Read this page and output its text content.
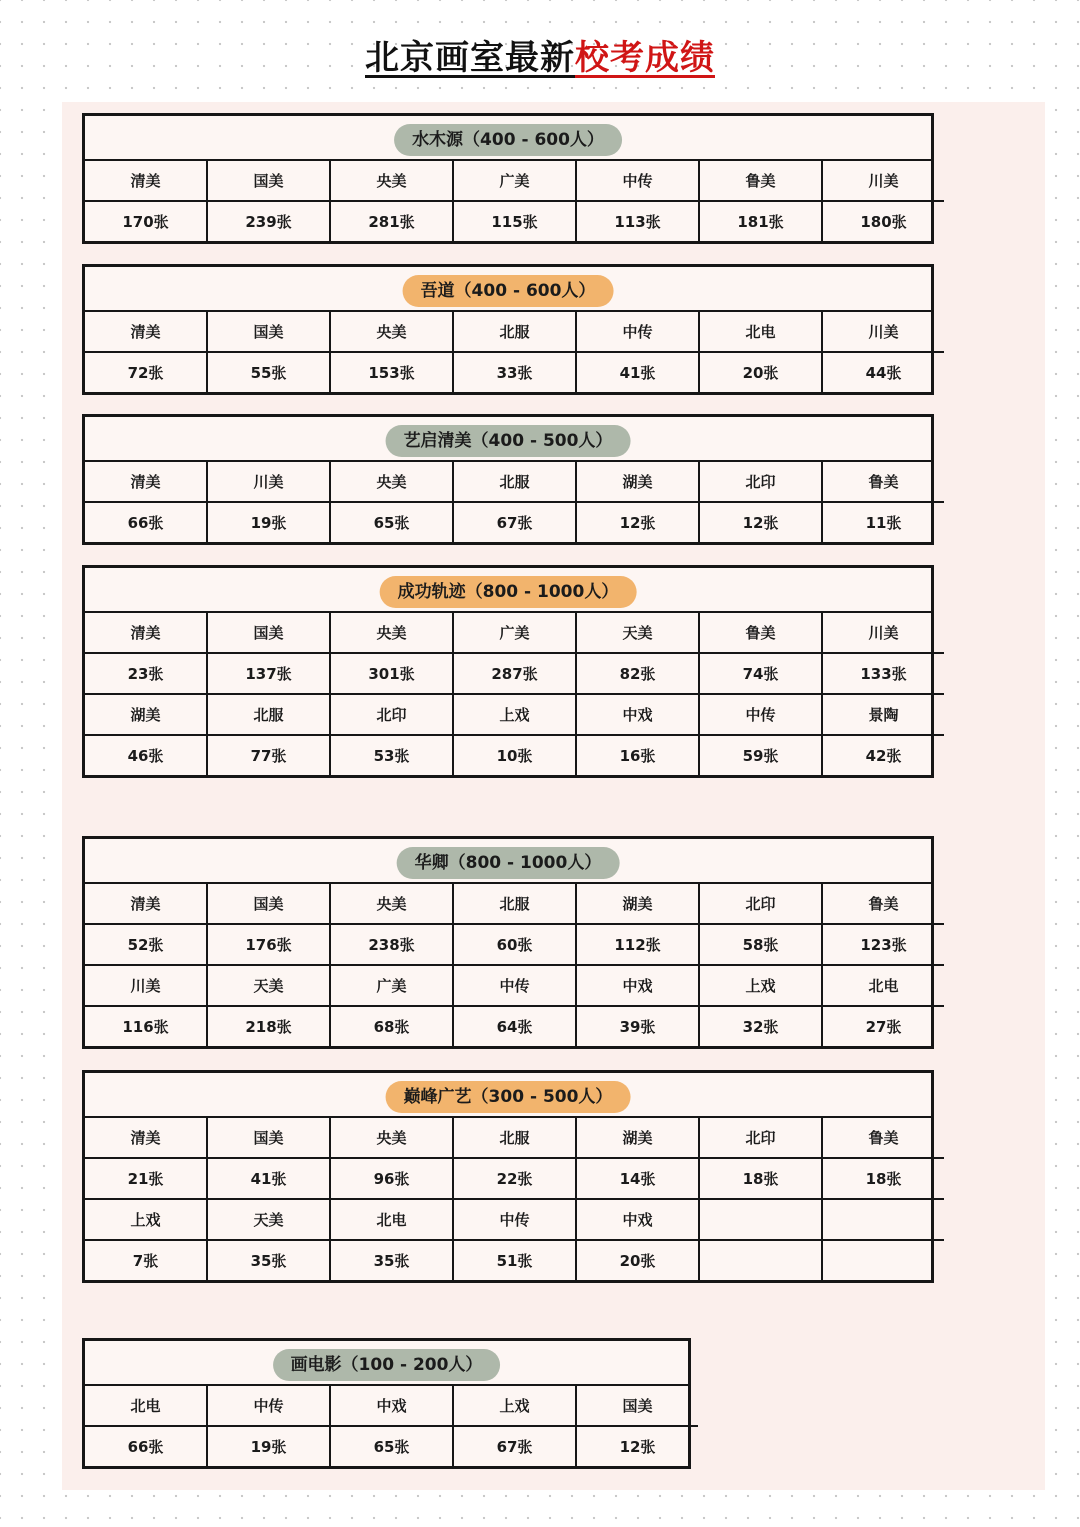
北京画室最新校考成绩
水木源（400 - 600人）
清美	国美	央美	广美	中传	鲁美	川美
170张	239张	281张	115张	113张	181张	180张
吾道（400 - 600人）
清美	国美	央美	北服	中传	北电	川美
72张	55张	153张	33张	41张	20张	44张
艺启清美（400 - 500人）
清美	川美	央美	北服	湖美	北印	鲁美
66张	19张	65张	67张	12张	12张	11张
成功轨迹（800 - 1000人）
清美	国美	央美	广美	天美	鲁美	川美
23张	137张	301张	287张	82张	74张	133张
湖美	北服	北印	上戏	中戏	中传	景陶
46张	77张	53张	10张	16张	59张	42张
华卿（800 - 1000人）
清美	国美	央美	北服	湖美	北印	鲁美
52张	176张	238张	60张	112张	58张	123张
川美	天美	广美	中传	中戏	上戏	北电
116张	218张	68张	64张	39张	32张	27张
巅峰广艺（300 - 500人）
清美	国美	央美	北服	湖美	北印	鲁美
21张	41张	96张	22张	14张	18张	18张
上戏	天美	北电	中传	中戏		
7张	35张	35张	51张	20张		
画电影（100 - 200人）
北电	中传	中戏	上戏	国美
66张	19张	65张	67张	12张
